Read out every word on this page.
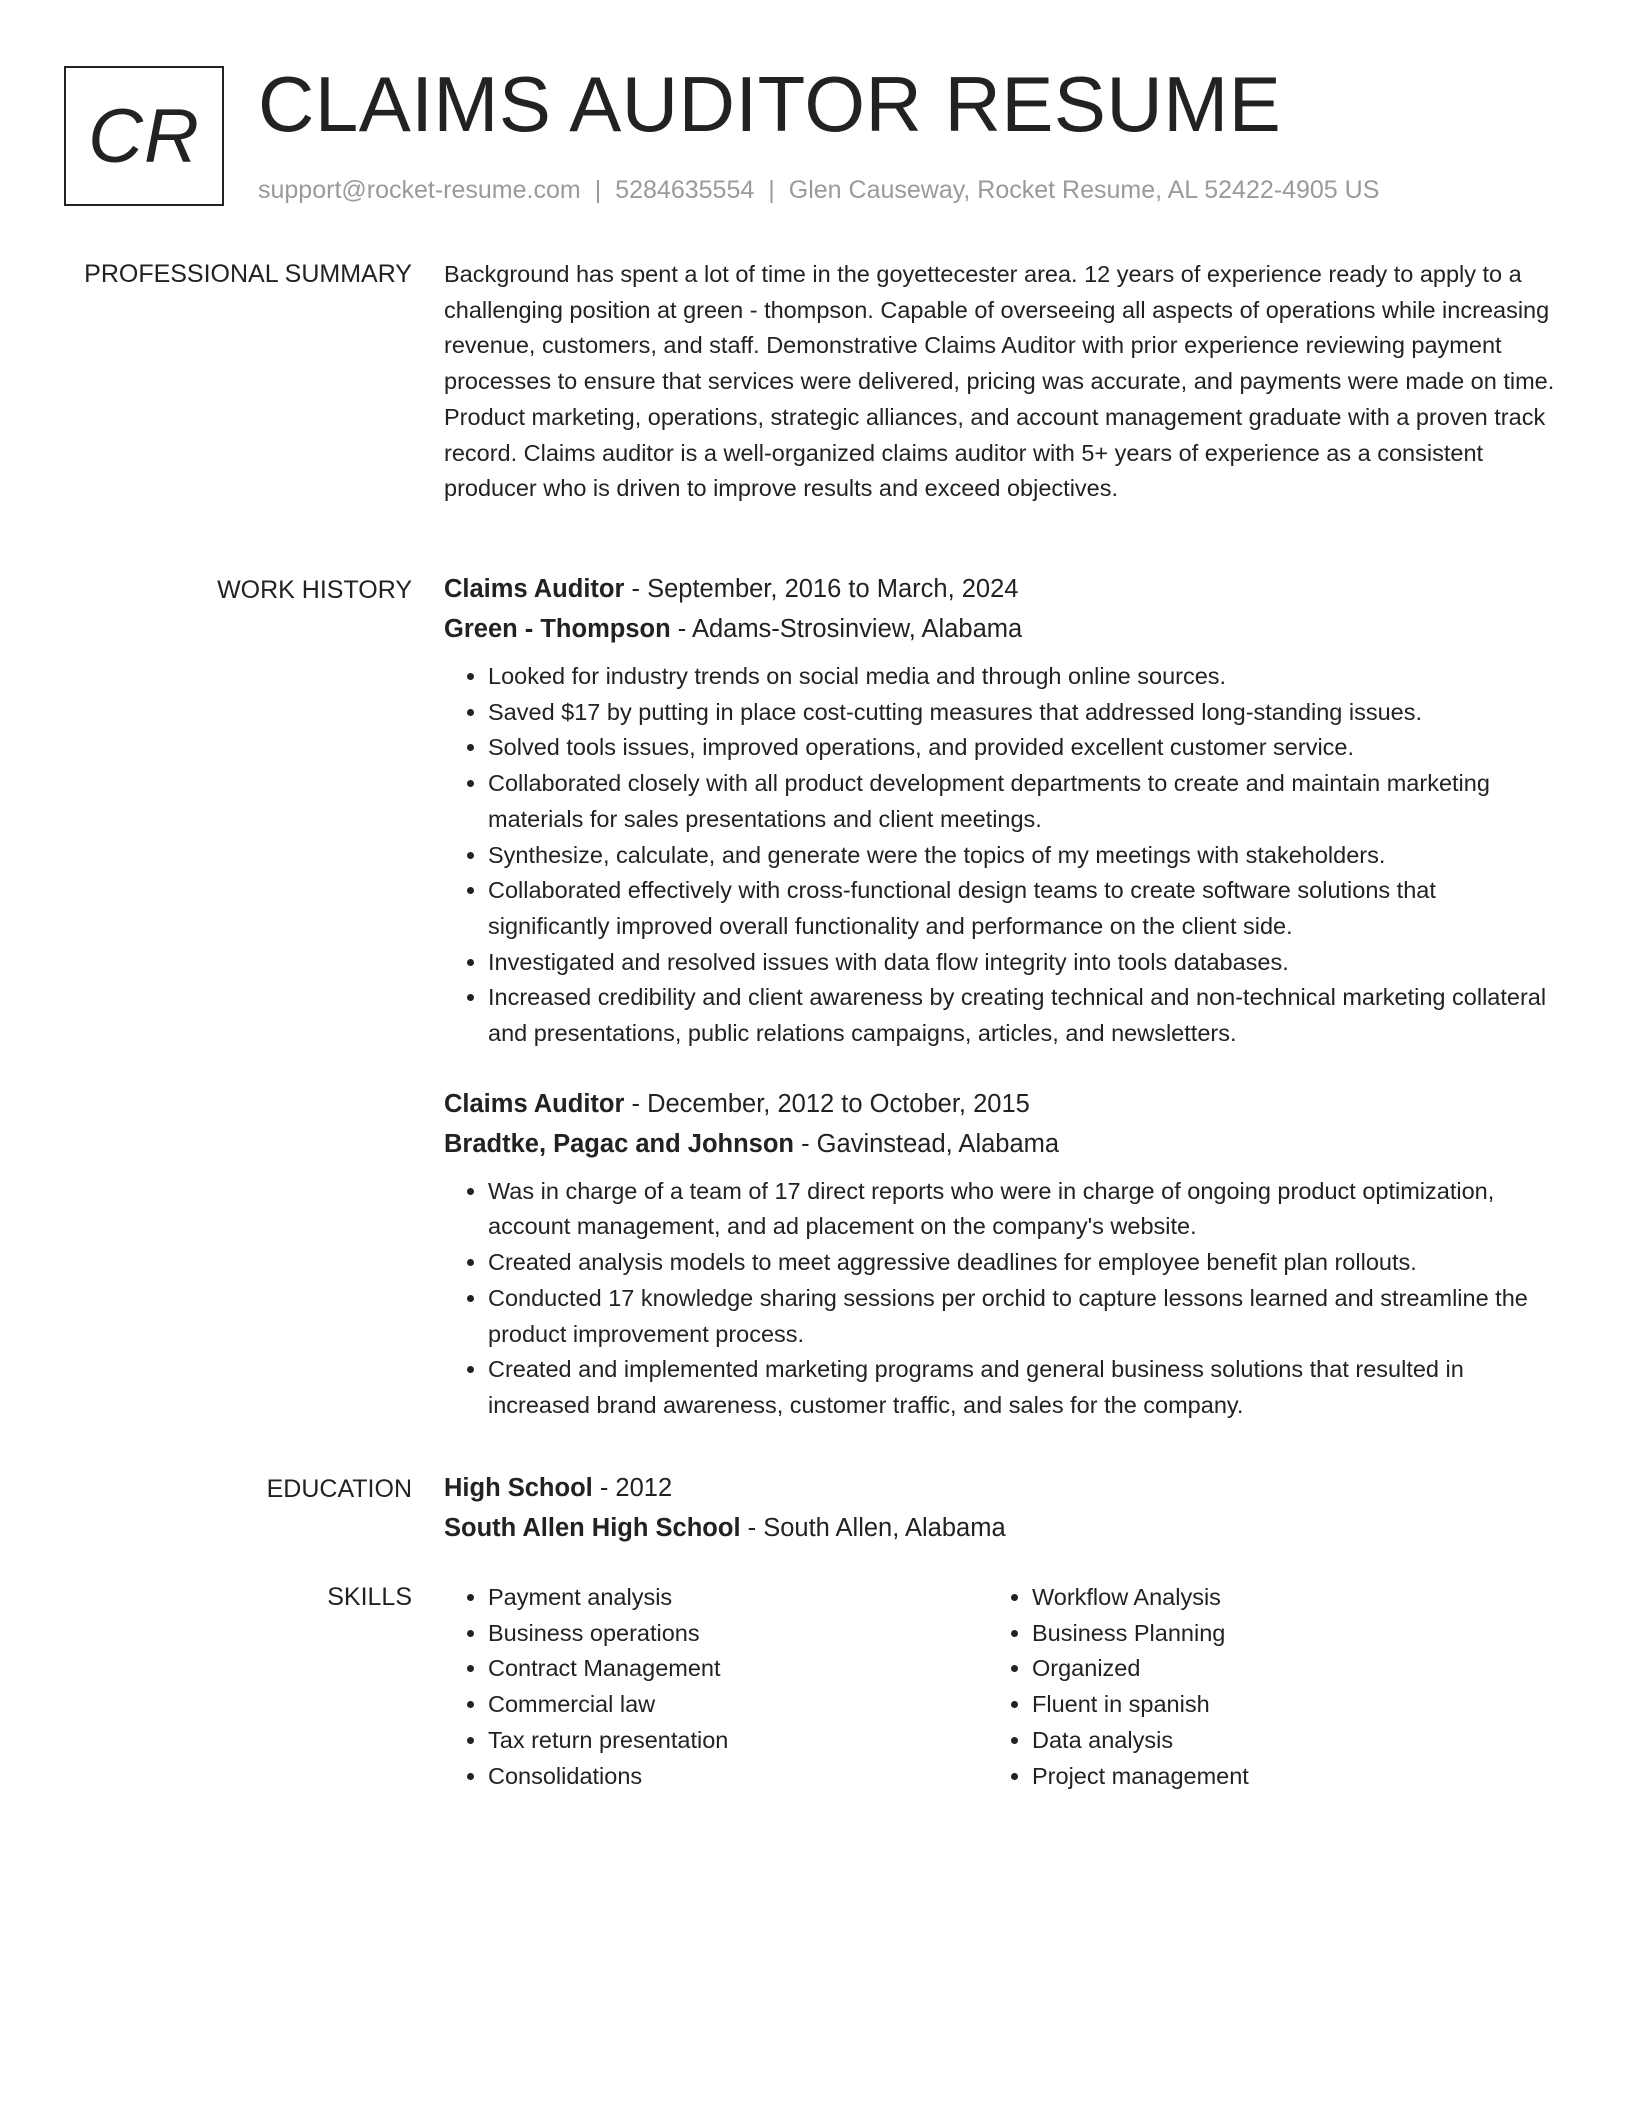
CR CLAIMS AUDITOR RESUME
support@rocket-resume.com | 5284635554 | Glen Causeway, Rocket Resume, AL 52422-4905 US
PROFESSIONAL SUMMARY Background has spent a lot of time in the goyettecester area. 12 years of experience ready to apply to a challenging position at green - thompson. Capable of overseeing all aspects of operations while increasing revenue, customers, and staff. Demonstrative Claims Auditor with prior experience reviewing payment processes to ensure that services were delivered, pricing was accurate, and payments were made on time. Product marketing, operations, strategic alliances, and account management graduate with a proven track record. Claims auditor is a well-organized claims auditor with 5+ years of experience as a consistent producer who is driven to improve results and exceed objectives.

WORK HISTORY Claims Auditor - September, 2016 to March, 2024
Green - Thompson - Adams-Strosinview, Alabama
• Looked for industry trends on social media and through online sources.
• Saved $17 by putting in place cost-cutting measures that addressed long-standing issues.
• Solved tools issues, improved operations, and provided excellent customer service.
• Collaborated closely with all product development departments to create and maintain marketing materials for sales presentations and client meetings.
• Synthesize, calculate, and generate were the topics of my meetings with stakeholders.
• Collaborated effectively with cross-functional design teams to create software solutions that significantly improved overall functionality and performance on the client side.
• Investigated and resolved issues with data flow integrity into tools databases.
• Increased credibility and client awareness by creating technical and non-technical marketing collateral and presentations, public relations campaigns, articles, and newsletters.
Claims Auditor - December, 2012 to October, 2015
Bradtke, Pagac and Johnson - Gavinstead, Alabama
• Was in charge of a team of 17 direct reports who were in charge of ongoing product optimization, account management, and ad placement on the company's website.
• Created analysis models to meet aggressive deadlines for employee benefit plan rollouts.
• Conducted 17 knowledge sharing sessions per orchid to capture lessons learned and streamline the product improvement process.
• Created and implemented marketing programs and general business solutions that resulted in increased brand awareness, customer traffic, and sales for the company.
EDUCATION High School - 2012
South Allen High School - South Allen, Alabama
SKILLS
•	Payment analysis
• Business operations
• Contract Management
• Commercial law
• Tax return presentation
• Consolidations
• Workflow Analysis
• Business Planning
• Organized
• Fluent in spanish
• Data analysis
• Project management
